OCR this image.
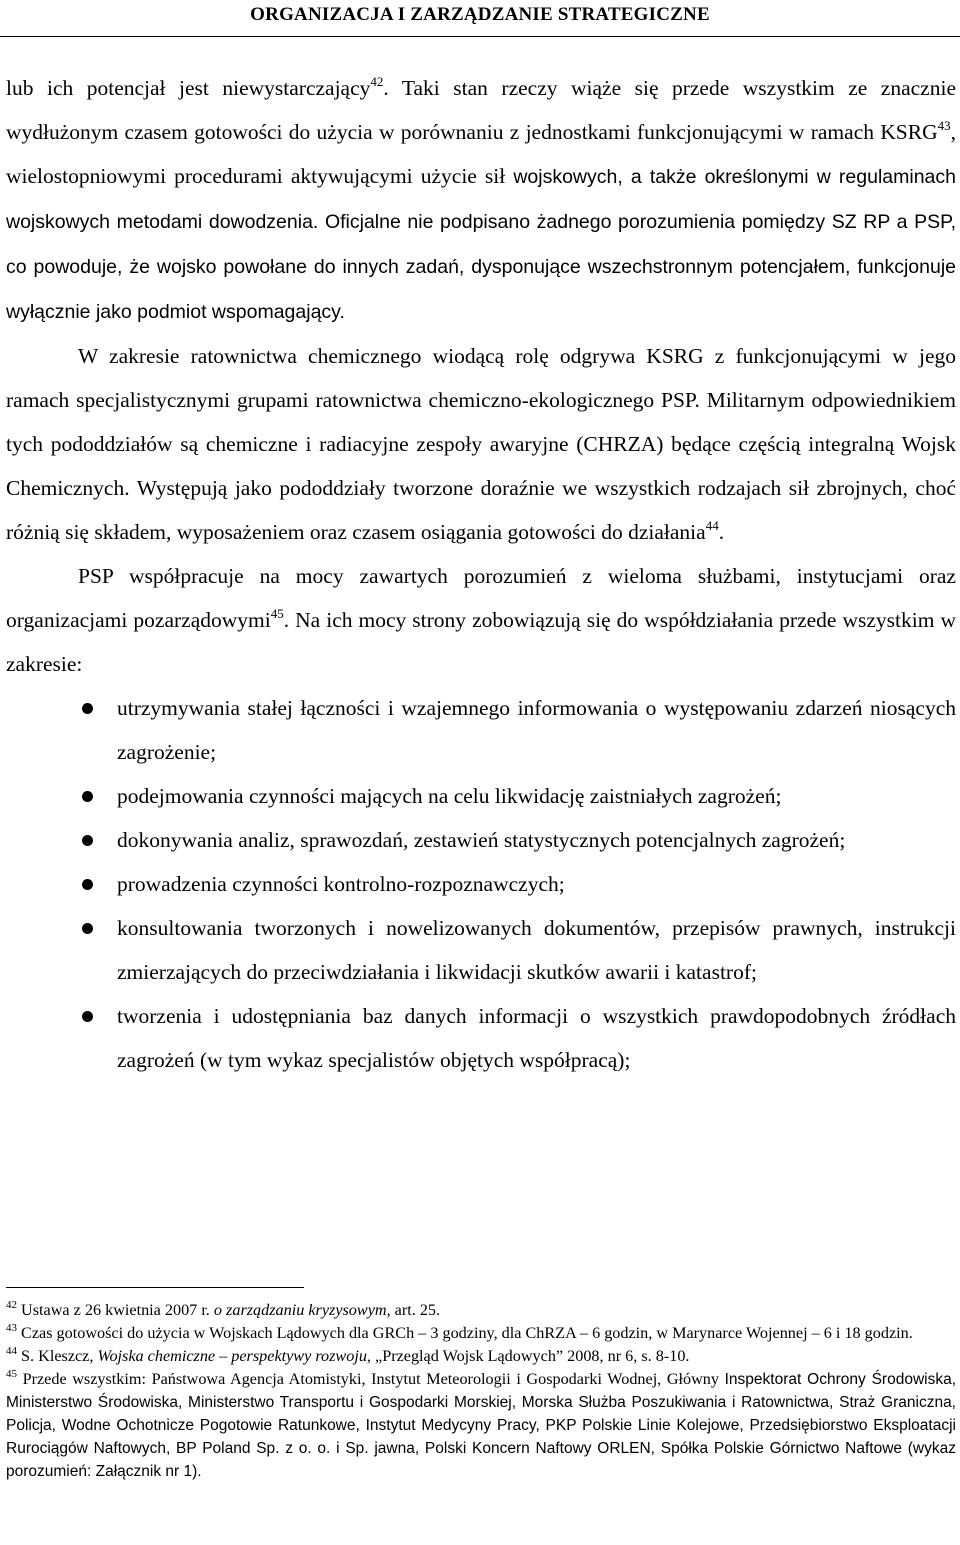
ORGANIZACJA I ZARZĄDZANIE STRATEGICZNE

lub ich potencjał jest niewystarczający$^{42}$. Taki stan rzeczy wiąże się przede wszystkim ze znacznie wydłużonym czasem gotowości do użycia w porównaniu z jednostkami funkcjonującymi w ramach KSRG$^{43}$, wielostopniowymi procedurami aktywującymi użycie sił wojskowych, a także określonymi w regulaminach wojskowych metodami dowodzenia. Oficjalne nie podpisano żadnego porozumienia pomiędzy SZ RP a PSP, co powoduje, że wojsko powołane do innych zadań, dysponujące wszechstronnym potencjałem, funkcjonuje wyłącznie jako podmiot wspomagający.

W zakresie ratownictwa chemicznego wiodącą rolę odgrywa KSRG z funkcjonującymi w jego ramach specjalistycznymi grupami ratownictwa chemiczno-ekologicznego PSP. Militarnym odpowiednikiem tych pododdziałów są chemiczne i radiacyjne zespoły awaryjne (CHRZA) będące częścią integralną Wojsk Chemicznych. Występują jako pododdziały tworzone doraźnie we wszystkich rodzajach sił zbrojnych, choć różnią się składem, wyposażeniem oraz czasem osiągania gotowości do działania$^{44}$.

PSP współpracuje na mocy zawartych porozumień z wieloma służbami, instytucjami oraz organizacjami pozarządowymi$^{45}$. Na ich mocy strony zobowiązują się do współdziałania przede wszystkim w zakresie:

utrzymywania stałej łączności i wzajemnego informowania o występowaniu zdarzeń niosących zagrożenie;
podejmowania czynności mających na celu likwidację zaistniałych zagrożeń;
dokonywania analiz, sprawozdań, zestawień statystycznych potencjalnych zagrożeń;
prowadzenia czynności kontrolno-rozpoznawczych;
konsultowania tworzonych i nowelizowanych dokumentów, przepisów prawnych, instrukcji zmierzających do przeciwdziałania i likwidacji skutków awarii i katastrof;
tworzenia i udostępniania baz danych informacji o wszystkich prawdopodobnych źródłach zagrożeń (w tym wykaz specjalistów objętych współpracą);

$^{42}$ Ustawa z 26 kwietnia 2007 r. o zarządzaniu kryzysowym, art. 25.

$^{43}$ Czas gotowości do użycia w Wojskach Lądowych dla GRCh – 3 godziny, dla ChRZA – 6 godzin, w Marynarce Wojennej – 6 i 18 godzin.

$^{44}$ S. Kleszcz, Wojska chemiczne – perspektywy rozwoju, „Przegląd Wojsk Lądowych” 2008, nr 6, s. 8-10.

$^{45}$ Przede wszystkim: Państwowa Agencja Atomistyki, Instytut Meteorologii i Gospodarki Wodnej, Główny Inspektorat Ochrony Środowiska, Ministerstwo Środowiska, Ministerstwo Transportu i Gospodarki Morskiej, Morska Służba Poszukiwania i Ratownictwa, Straż Graniczna, Policja, Wodne Ochotnicze Pogotowie Ratunkowe, Instytut Medycyny Pracy, PKP Polskie Linie Kolejowe, Przedsiębiorstwo Eksploatacji Rurociągów Naftowych, BP Poland Sp. z o. o. i Sp. jawna, Polski Koncern Naftowy ORLEN, Spółka Polskie Górnictwo Naftowe (wykaz porozumień: Załącznik nr 1).
